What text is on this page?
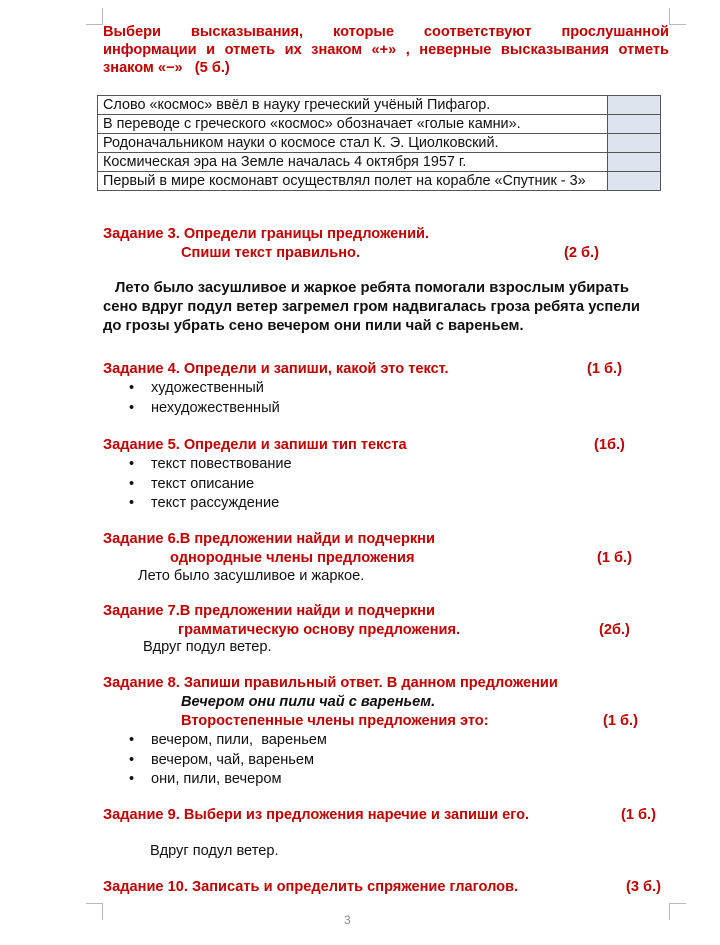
Выбери высказывания, которые соответствуют прослушанной
информации и отметь их знаком «+» , неверные высказывания отметь
знаком «−»   (5 б.)
Слово «космос» ввёл в науку греческий учёный Пифагор.	
В переводе с греческого «космос» обозначает «голые камни».	
Родоначальником науки о космосе стал К. Э. Циолковский.	
Космическая эра на Земле началась 4 октября 1957 г.	
Первый в мире космонавт осуществлял полет на корабле «Спутник - 3»	
Задание 3. Определи границы предложений.
Спиши текст правильно.	(2 б.)
Лето было засушливое и жаркое ребята помогали взрослым убирать сено вдруг подул ветер загремел гром надвигалась гроза ребята успели до грозы убрать сено вечером они пили чай с вареньем.
Задание 4. Определи и запиши, какой это текст.	(1 б.)
• художественный
• нехудожественный
Задание 5. Определи и запиши тип текста	(1б.)
• текст повествование
• текст описание
• текст рассуждение
Задание 6.В предложении найди и подчеркни
однородные члены предложения	(1 б.)
Лето было засушливое и жаркое.
Задание 7.В предложении найди и подчеркни
грамматическую основу предложения.	(2б.)
Вдруг подул ветер.
Задание 8. Запиши правильный ответ. В данном предложении
Вечером они пили чай с вареньем.
Второстепенные члены предложения это:	(1 б.)
• вечером, пили,  вареньем
• вечером, чай, вареньем
• они, пили, вечером
Задание 9. Выбери из предложения наречие и запиши его.	(1 б.)
Вдруг подул ветер.
Задание 10. Записать и определить спряжение глаголов.	(3 б.)
3
